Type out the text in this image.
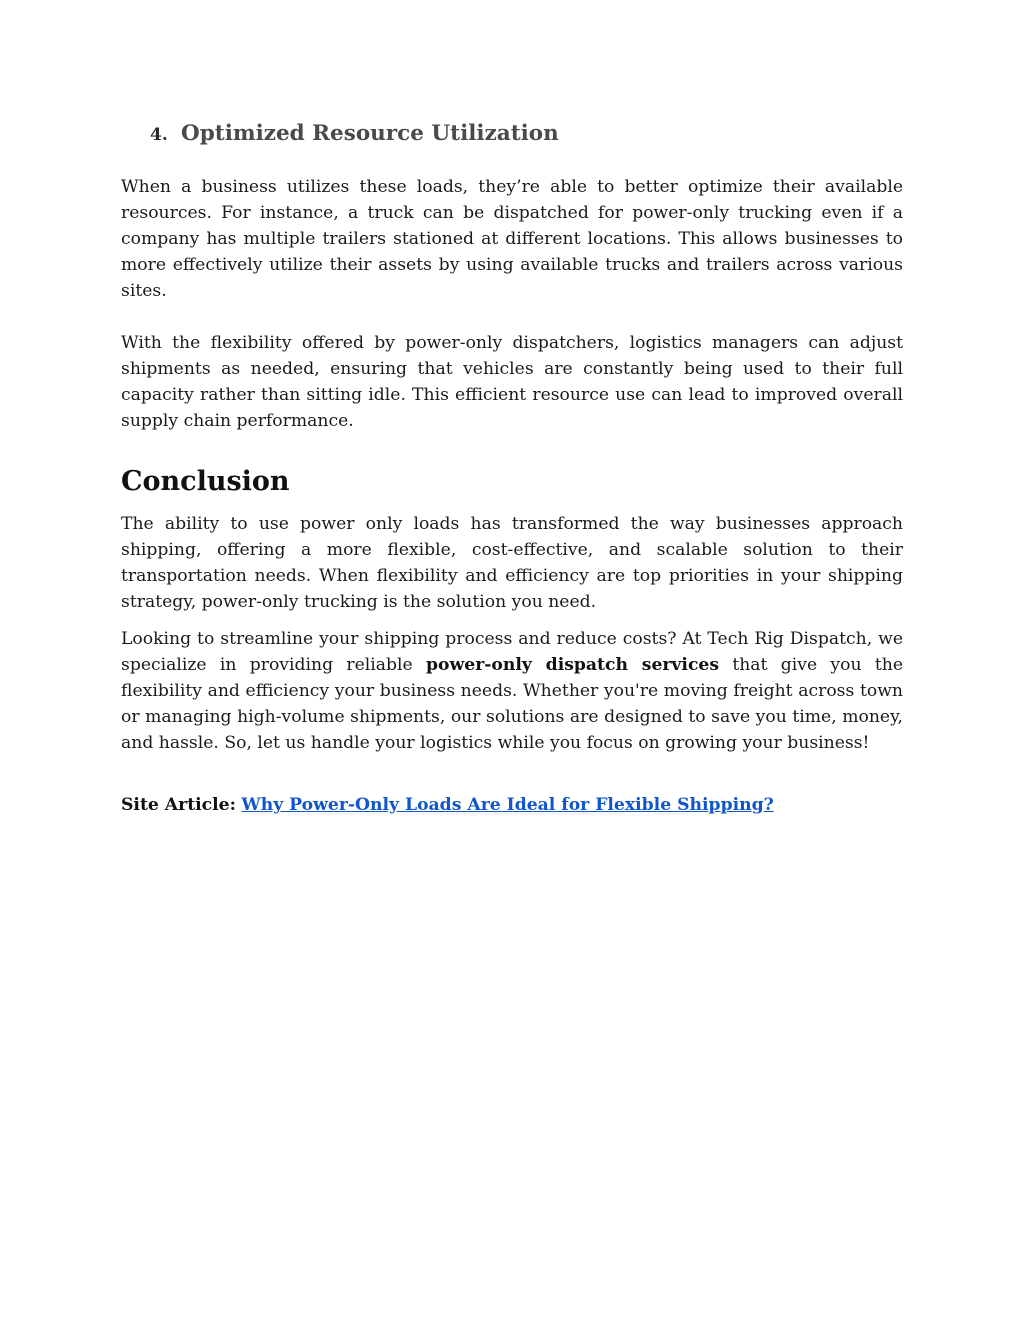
4. Optimized Resource Utilization

When a business utilizes these loads, they’re able to better optimize their available resources. For instance, a truck can be dispatched for power-only trucking even if a company has multiple trailers stationed at different locations. This allows businesses to more effectively utilize their assets by using available trucks and trailers across various sites.

With the flexibility offered by power-only dispatchers, logistics managers can adjust shipments as needed, ensuring that vehicles are constantly being used to their full capacity rather than sitting idle. This efficient resource use can lead to improved overall supply chain performance.

Conclusion

The ability to use power only loads has transformed the way businesses approach shipping, offering a more flexible, cost-effective, and scalable solution to their transportation needs. When flexibility and efficiency are top priorities in your shipping strategy, power-only trucking is the solution you need.

Looking to streamline your shipping process and reduce costs? At Tech Rig Dispatch, we specialize in providing reliable power-only dispatch services that give you the flexibility and efficiency your business needs. Whether you're moving freight across town or managing high-volume shipments, our solutions are designed to save you time, money, and hassle. So, let us handle your logistics while you focus on growing your business!

Site Article: Why Power-Only Loads Are Ideal for Flexible Shipping?
